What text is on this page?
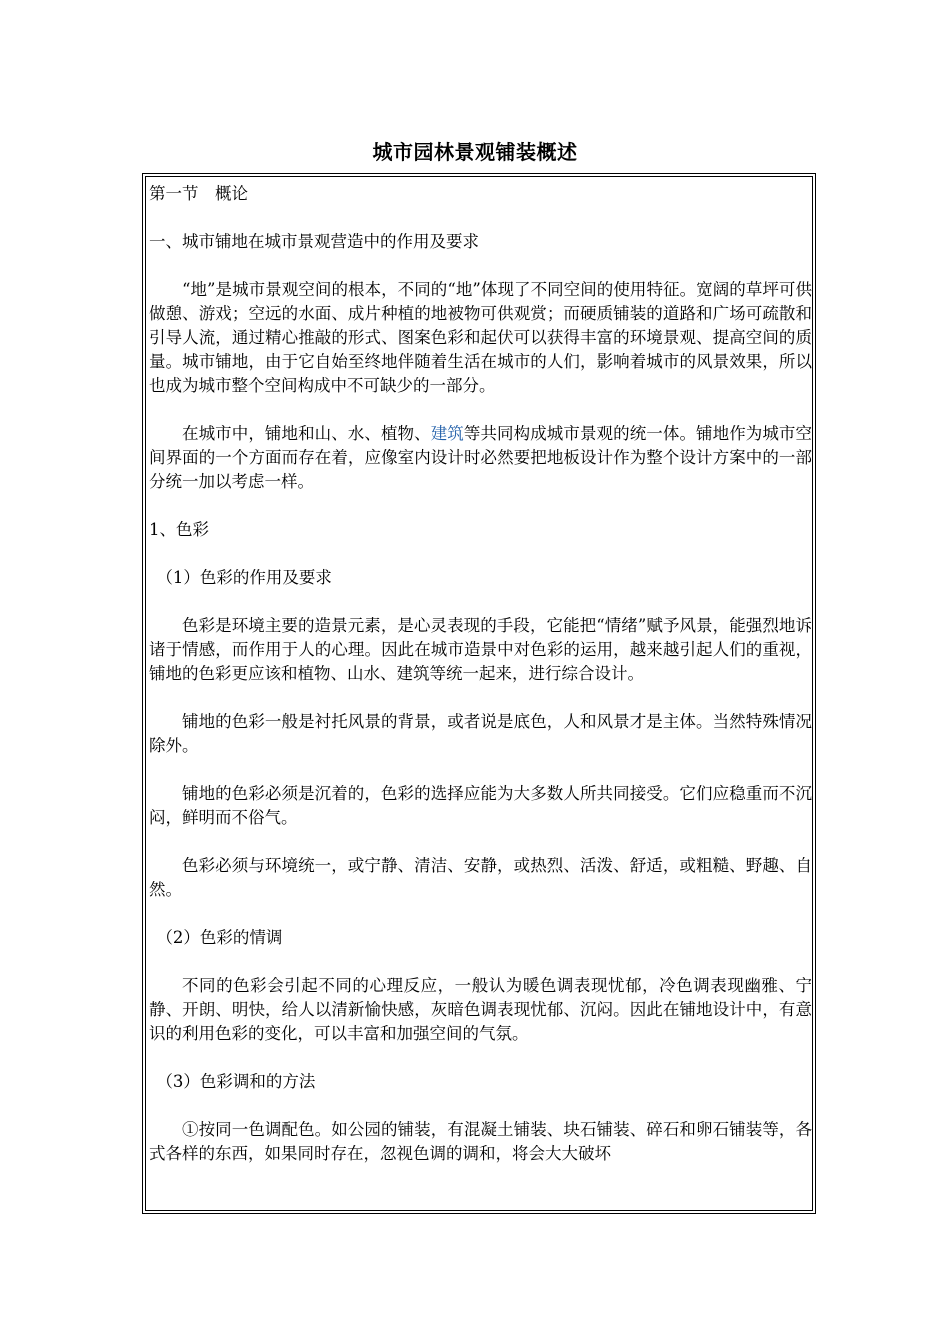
城市园林景观铺装概述

第一节　概论

一、城市铺地在城市景观营造中的作用及要求

“地”是城市景观空间的根本，不同的“地”体现了不同空间的使用特征。宽阔的草坪可供做憩、游戏；空远的水面、成片种植的地被物可供观赏；而硬质铺装的道路和广场可疏散和引导人流，通过精心推敲的形式、图案色彩和起伏可以获得丰富的环境景观、提高空间的质量。城市铺地，由于它自始至终地伴随着生活在城市的人们，影响着城市的风景效果，所以也成为城市整个空间构成中不可缺少的一部分。

在城市中，铺地和山、水、植物、建筑等共同构成城市景观的统一体。铺地作为城市空间界面的一个方面而存在着，应像室内设计时必然要把地板设计作为整个设计方案中的一部分统一加以考虑一样。

1、色彩

（1）色彩的作用及要求

色彩是环境主要的造景元素，是心灵表现的手段，它能把“情绪”赋予风景，能强烈地诉诸于情感，而作用于人的心理。因此在城市造景中对色彩的运用，越来越引起人们的重视，铺地的色彩更应该和植物、山水、建筑等统一起来，进行综合设计。

铺地的色彩一般是衬托风景的背景，或者说是底色，人和风景才是主体。当然特殊情况除外。

铺地的色彩必须是沉着的，色彩的选择应能为大多数人所共同接受。它们应稳重而不沉闷，鲜明而不俗气。

色彩必须与环境统一，或宁静、清洁、安静，或热烈、活泼、舒适，或粗糙、野趣、自然。

（2）色彩的情调

不同的色彩会引起不同的心理反应，一般认为暖色调表现忧郁，冷色调表现幽雅、宁静、开朗、明快，给人以清新愉快感，灰暗色调表现忧郁、沉闷。因此在铺地设计中，有意识的利用色彩的变化，可以丰富和加强空间的气氛。

（3）色彩调和的方法

①按同一色调配色。如公园的铺装，有混凝土铺装、块石铺装、碎石和卵石铺装等，各式各样的东西，如果同时存在，忽视色调的调和，将会大大破坏
